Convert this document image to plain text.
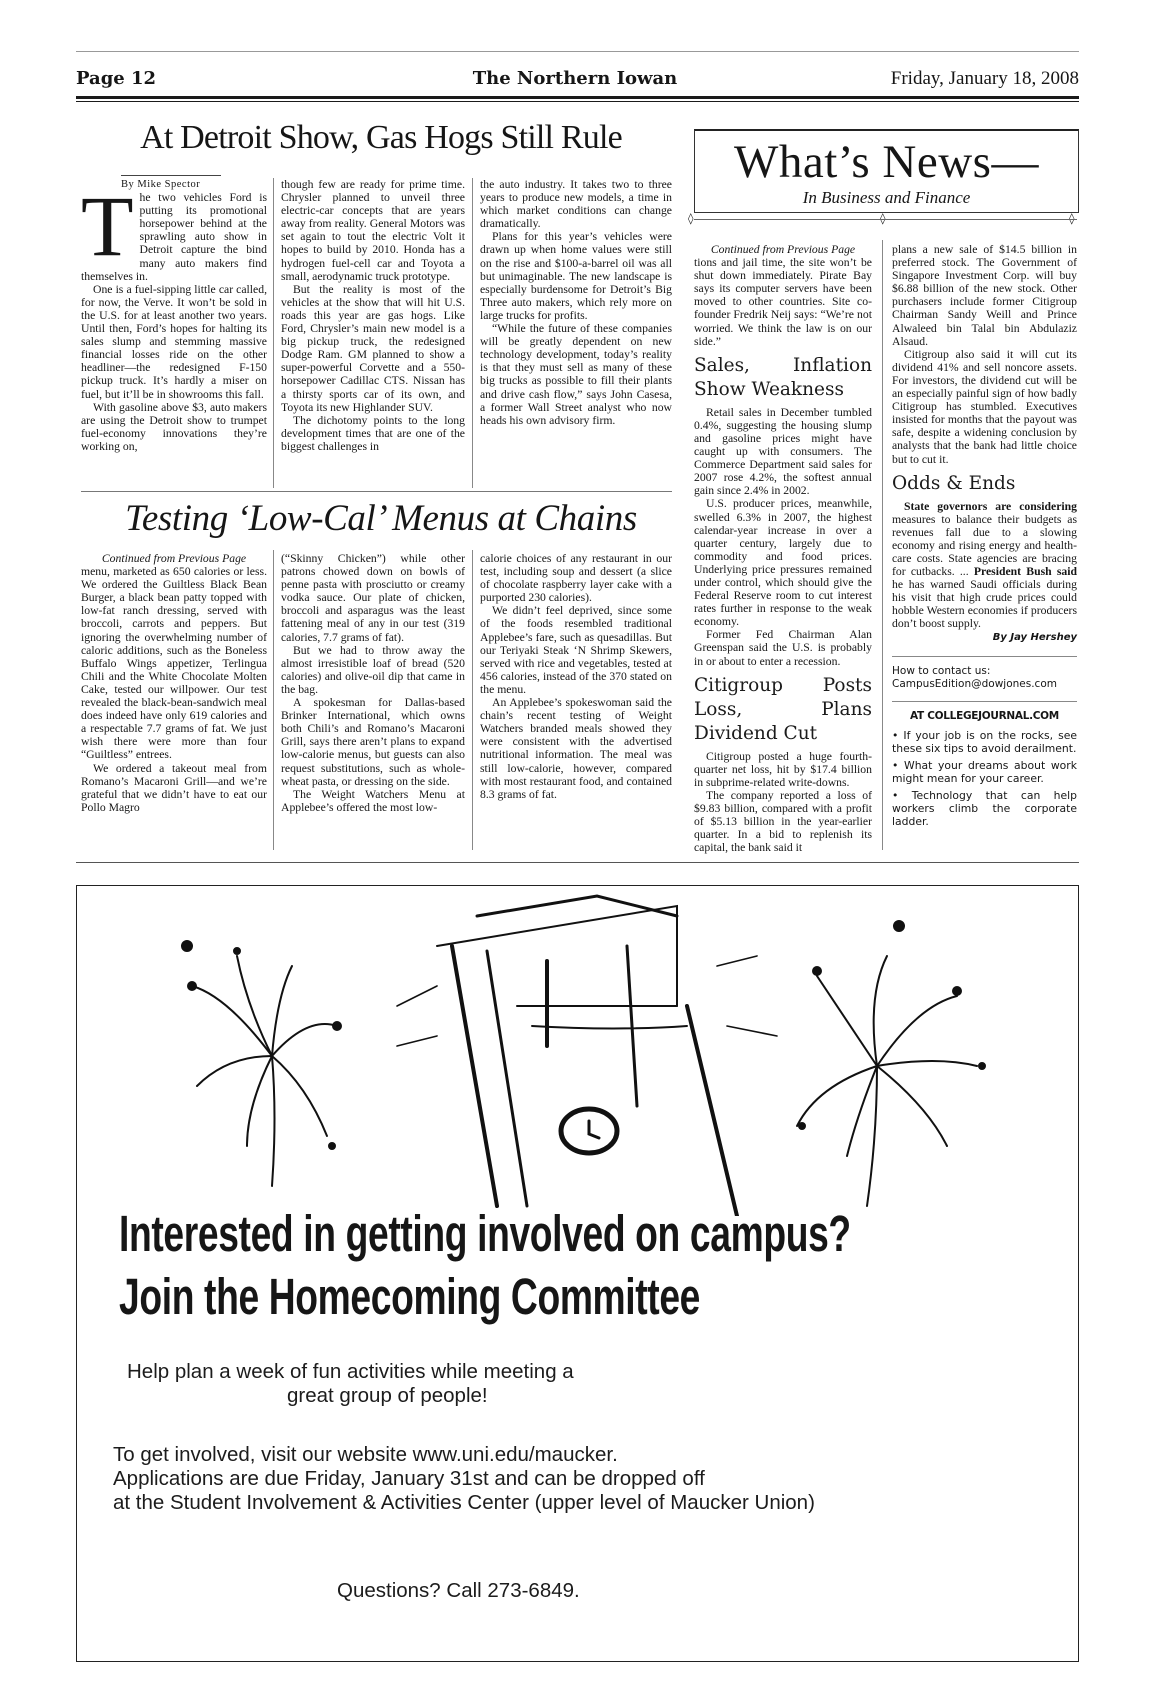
Page 12	The Northern Iowan	Friday, January 18, 2008
At Detroit Show, Gas Hogs Still Rule
By Mike Spector
T he two vehicles Ford is putting its promotional horsepower behind at the sprawling auto show in Detroit capture the bind many auto makers find themselves in.

One is a fuel-sipping little car called, for now, the Verve. It won’t be sold in the U.S. for at least another two years. Until then, Ford’s hopes for halting its sales slump and stemming massive financial losses ride on the other headliner—the redesigned F-150 pickup truck. It’s hardly a miser on fuel, but it’ll be in showrooms this fall.

With gasoline above $3, auto makers are using the Detroit show to trumpet fuel-economy innovations they’re working on,

though few are ready for prime time. Chrysler planned to unveil three electric-car concepts that are years away from reality. General Motors was set again to tout the electric Volt it hopes to build by 2010. Honda has a hydrogen fuel-cell car and Toyota a small, aerodynamic truck prototype.

But the reality is most of the vehicles at the show that will hit U.S. roads this year are gas hogs. Like Ford, Chrysler’s main new model is a big pickup truck, the redesigned Dodge Ram. GM planned to show a super-powerful Corvette and a 550-horsepower Cadillac CTS. Nissan has a thirsty sports car of its own, and Toyota its new Highlander SUV.

The dichotomy points to the long development times that are one of the biggest challenges in

the auto industry. It takes two to three years to produce new models, a time in which market conditions can change dramatically.

Plans for this year’s vehicles were drawn up when home values were still on the rise and $100-a-barrel oil was all but unimaginable. The new landscape is especially burdensome for Detroit’s Big Three auto makers, which rely more on large trucks for profits.

“While the future of these companies will be greatly dependent on new technology development, today’s reality is that they must sell as many of these big trucks as possible to fill their plants and drive cash flow,” says John Casesa, a former Wall Street analyst who now heads his own advisory firm.

Testing ‘Low-Cal’ Menus at Chains

Continued from Previous Page

menu, marketed as 650 calories or less. We ordered the Guiltless Black Bean Burger, a black bean patty topped with low-fat ranch dressing, served with broccoli, carrots and peppers. But ignoring the overwhelming number of caloric additions, such as the Boneless Buffalo Wings appetizer, Terlingua Chili and the White Chocolate Molten Cake, tested our willpower. Our test revealed the black-bean-sandwich meal does indeed have only 619 calories and a respectable 7.7 grams of fat. We just wish there were more than four “Guiltless” entrees.

We ordered a takeout meal from Romano’s Macaroni Grill—and we’re grateful that we didn’t have to eat our Pollo Magro

(“Skinny Chicken”) while other patrons chowed down on bowls of penne pasta with prosciutto or creamy vodka sauce. Our plate of chicken, broccoli and asparagus was the least fattening meal of any in our test (319 calories, 7.7 grams of fat).

But we had to throw away the almost irresistible loaf of bread (520 calories) and olive-oil dip that came in the bag.

A spokesman for Dallas-based Brinker International, which owns both Chili’s and Romano’s Macaroni Grill, says there aren’t plans to expand low-calorie menus, but guests can also request substitutions, such as whole-wheat pasta, or dressing on the side.

The Weight Watchers Menu at Applebee’s offered the most low-

calorie choices of any restaurant in our test, including soup and dessert (a slice of chocolate raspberry layer cake with a purported 230 calories).

We didn’t feel deprived, since some of the foods resembled traditional Applebee’s fare, such as quesadillas. But our Teriyaki Steak ‘N Shrimp Skewers, served with rice and vegetables, tested at 456 calories, instead of the 370 stated on the menu.

An Applebee’s spokeswoman said the chain’s recent testing of Weight Watchers branded meals showed they were consistent with the advertised nutritional information. The meal was still low-calorie, however, compared with most restaurant food, and contained 8.3 grams of fat.

What’s News—
In Business and Finance
◊

Continued from Previous Page

tions and jail time, the site won’t be shut down immediately. Pirate Bay says its computer servers have been moved to other countries. Site co-founder Fredrik Neij says: “We’re not worried. We think the law is on our side.”

Sales, Inflation Show Weakness

Retail sales in December tumbled 0.4%, suggesting the housing slump and gasoline prices might have caught up with consumers. The Commerce Department said sales for 2007 rose 4.2%, the softest annual gain since 2.4% in 2002.

U.S. producer prices, meanwhile, swelled 6.3% in 2007, the highest calendar-year increase in over a quarter century, largely due to commodity and food prices. Underlying price pressures remained under control, which should give the Federal Reserve room to cut interest rates further in response to the weak economy.

Former Fed Chairman Alan Greenspan said the U.S. is probably in or about to enter a recession.

Citigroup Posts Loss, Plans Dividend Cut

Citigroup posted a huge fourth-quarter net loss, hit by $17.4 billion in subprime-related write-downs.

The company reported a loss of $9.83 billion, compared with a profit of $5.13 billion in the year-earlier quarter. In a bid to replenish its capital, the bank said it

plans a new sale of $14.5 billion in preferred stock. The Government of Singapore Investment Corp. will buy $6.88 billion of the new stock. Other purchasers include former Citigroup Chairman Sandy Weill and Prince Alwaleed bin Talal bin Abdulaziz Alsaud.

Citigroup also said it will cut its dividend 41% and sell noncore assets. For investors, the dividend cut will be an especially painful sign of how badly Citigroup has stumbled. Executives insisted for months that the payout was safe, despite a widening conclusion by analysts that the bank had little choice but to cut it.

Odds & Ends

State governors are considering measures to balance their budgets as revenues fall due to a slowing economy and rising energy and health-care costs. State agencies are bracing for cutbacks. ... President Bush said he has warned Saudi officials during his visit that high crude prices could hobble Western economies if producers don’t boost supply.

By Jay Hershey
How to contact us:
CampusEdition@dowjones.com
AT COLLEGEJOURNAL.COM
• If your job is on the rocks, see these six tips to avoid derailment.
• What your dreams about work might mean for your career.
• Technology that can help workers climb the corporate ladder.
Interested in getting involved on campus?
Join the Homecoming Committee
Help plan a week of fun activities while meeting a
great group of people!
To get involved, visit our website www.uni.edu/maucker.
Applications are due Friday, January 31st and can be dropped off
at the Student Involvement & Activities Center (upper level of Maucker Union)
Questions? Call 273-6849.
